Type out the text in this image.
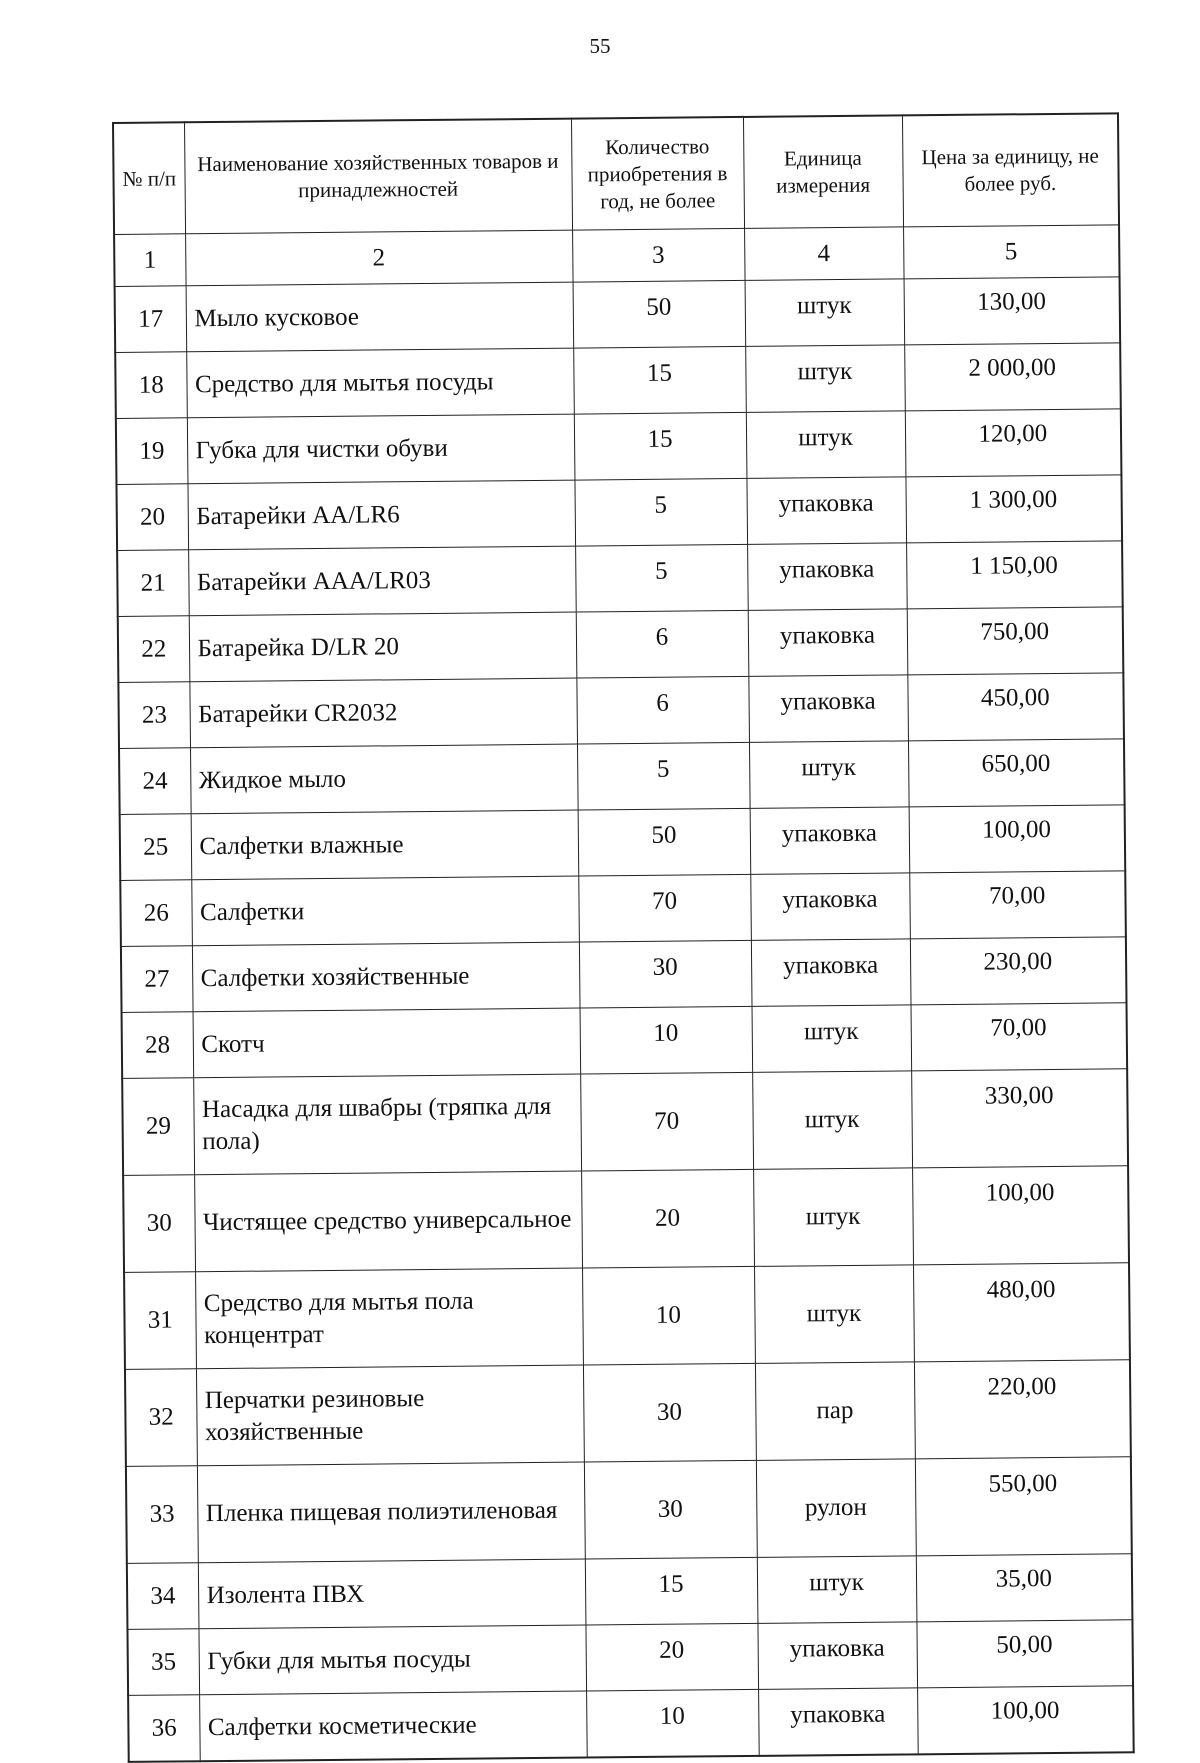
55
№ п/п	Наименование хозяйственных товаров и принадлежностей	Количество приобретения в год, не более	Единица измерения	Цена за единицу, не более руб.
1	2	3	4	5
17	Мыло кусковое	50	штук	130,00
18	Средство для мытья посуды	15	штук	2 000,00
19	Губка для чистки обуви	15	штук	120,00
20	Батарейки AA/LR6	5	упаковка	1 300,00
21	Батарейки AAA/LR03	5	упаковка	1 150,00
22	Батарейка D/LR 20	6	упаковка	750,00
23	Батарейки CR2032	6	упаковка	450,00
24	Жидкое мыло	5	штук	650,00
25	Салфетки влажные	50	упаковка	100,00
26	Салфетки	70	упаковка	70,00
27	Салфетки хозяйственные	30	упаковка	230,00
28	Скотч	10	штук	70,00
29	Насадка для швабры (тряпка для пола)	70	штук	330,00
30	Чистящее средство универсальное	20	штук	100,00
31	Средство для мытья пола концентрат	10	штук	480,00
32	Перчатки резиновые хозяйственные	30	пар	220,00
33	Пленка пищевая полиэтиленовая	30	рулон	550,00
34	Изолента ПВХ	15	штук	35,00
35	Губки для мытья посуды	20	упаковка	50,00
36	Салфетки косметические	10	упаковка	100,00
